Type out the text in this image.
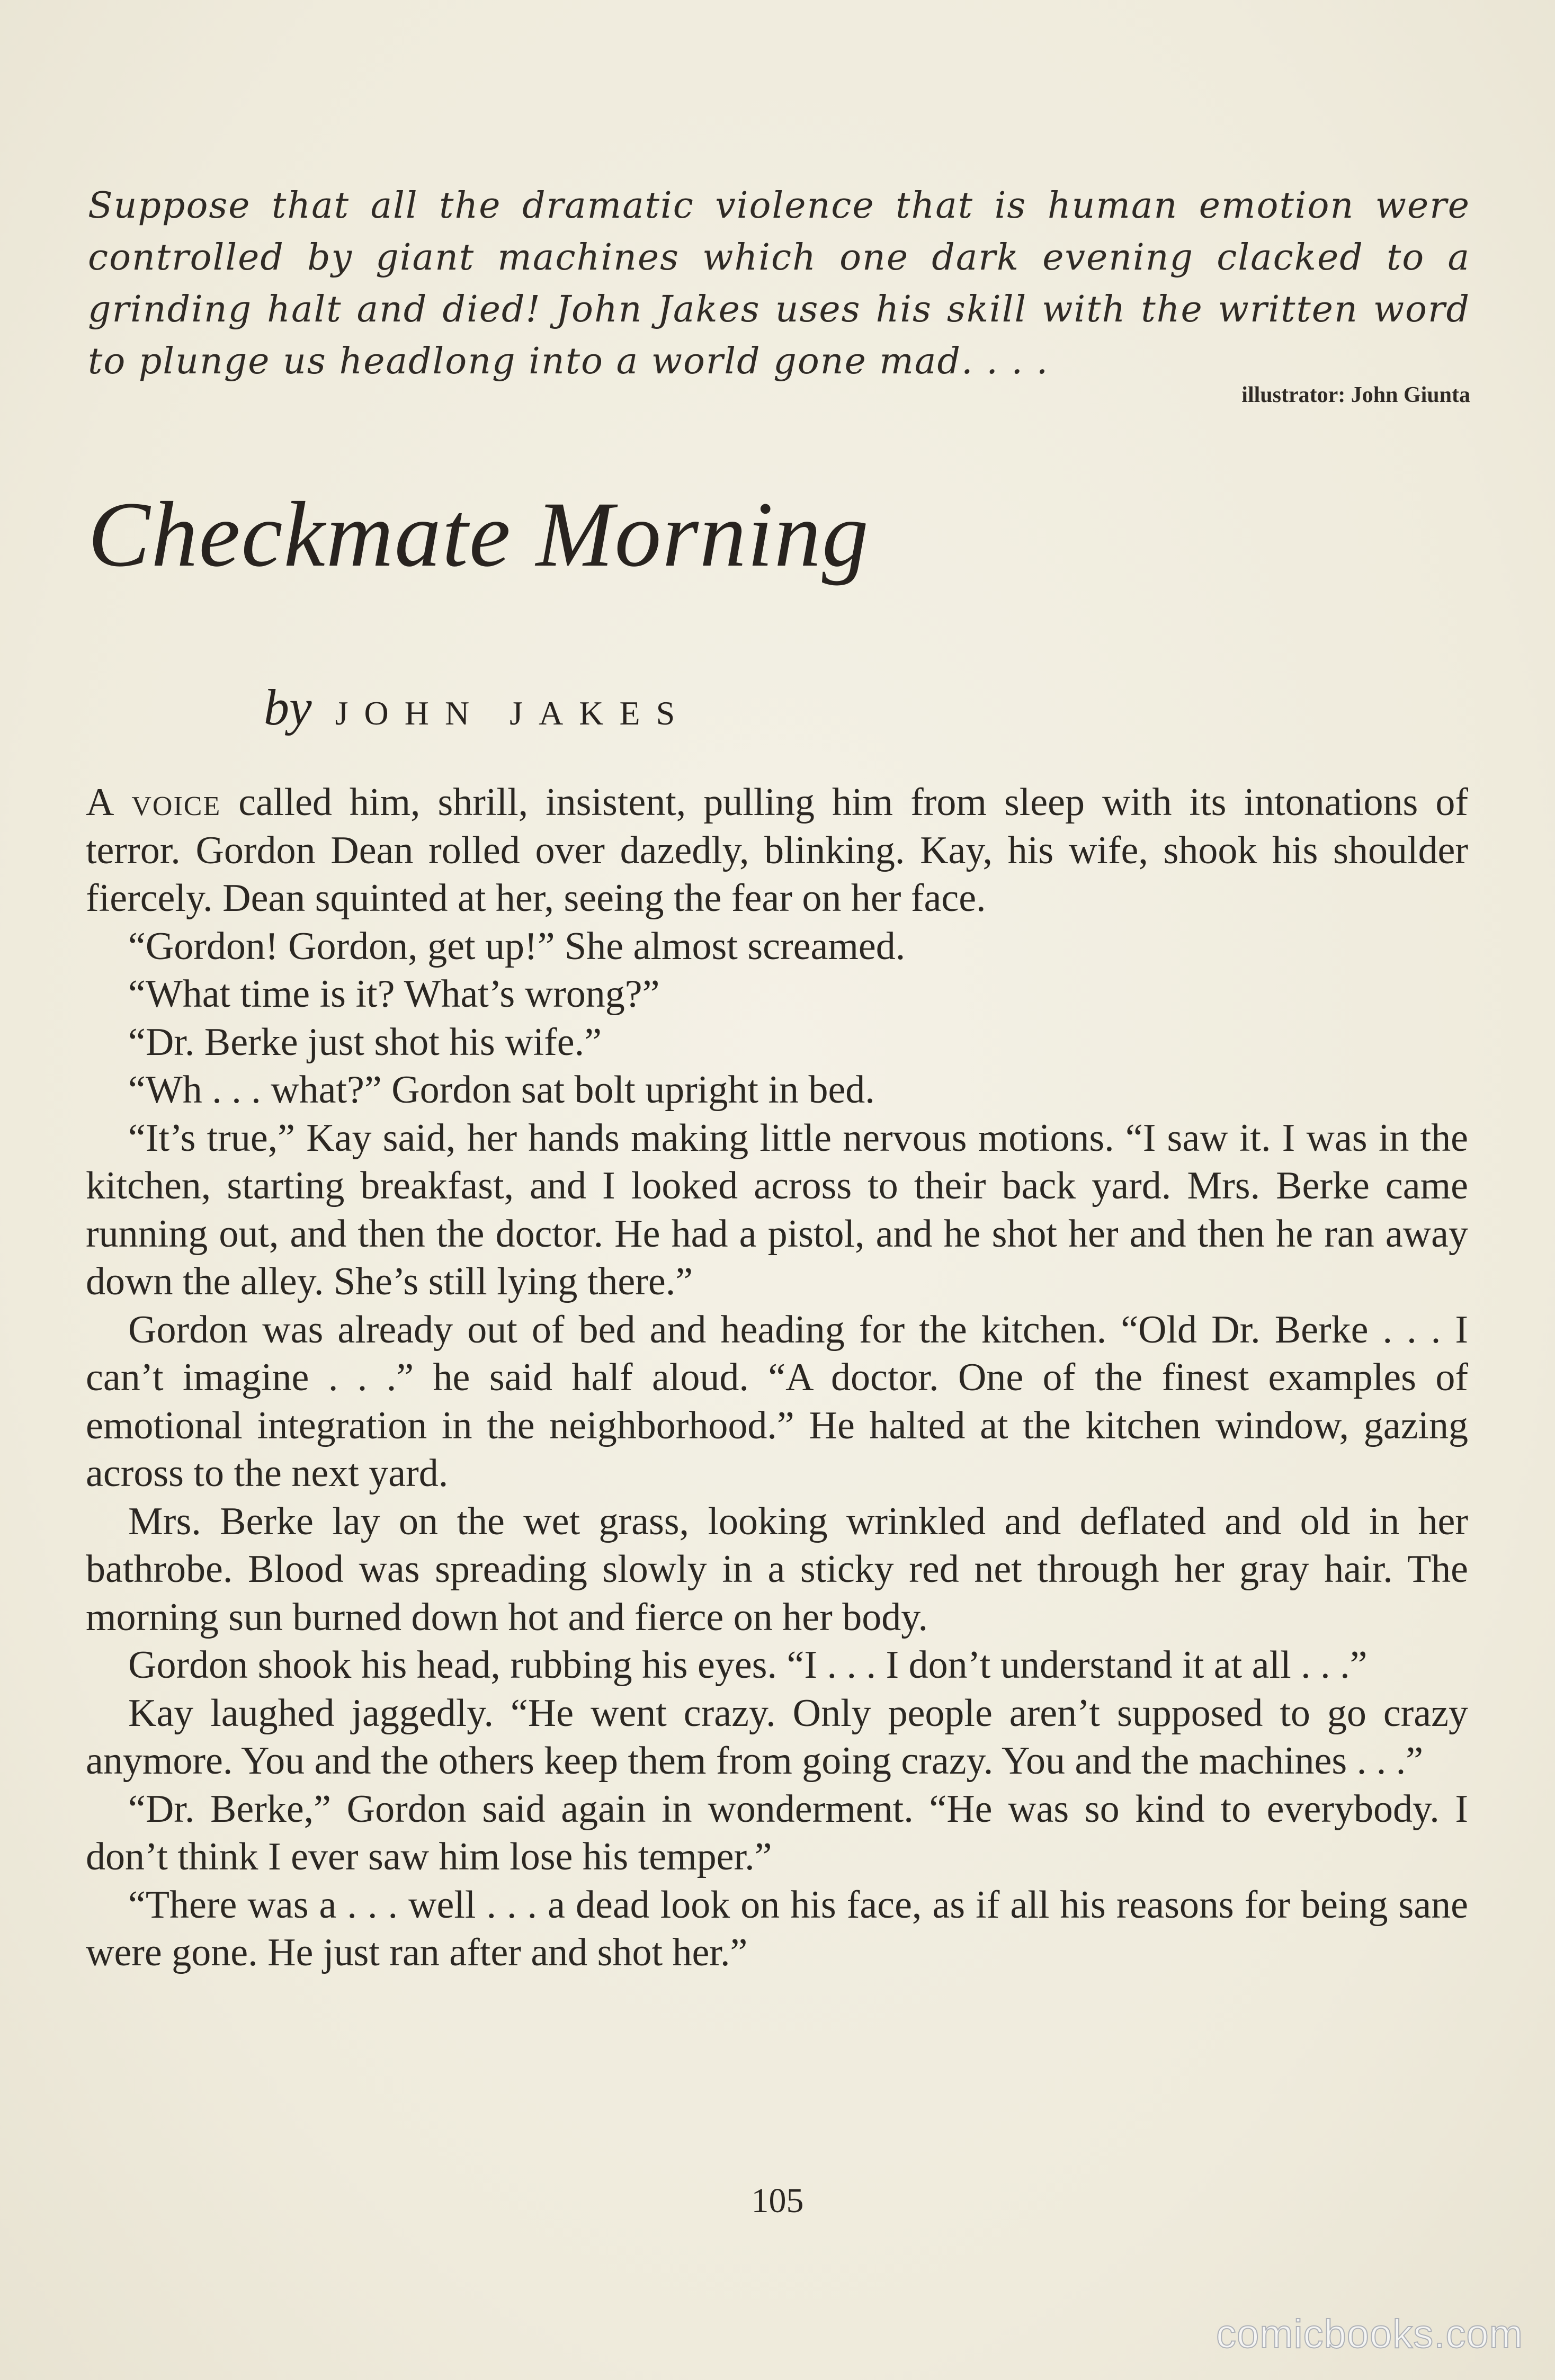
Suppose that all the dramatic violence that is human emotion were controlled by giant machines which one dark evening clacked to a grinding halt and died! John Jakes uses his skill with the written word to plunge us headlong into a world gone mad. . . .
illustrator: John Giunta
Checkmate Morning
by JOHN JAKES

A voice called him, shrill, insistent, pulling him from sleep with its intonations of terror. Gordon Dean rolled over dazedly, blinking. Kay, his wife, shook his shoulder fiercely. Dean squinted at her, seeing the fear on her face.

“Gordon! Gordon, get up!” She almost screamed.

“What time is it? What’s wrong?”

“Dr. Berke just shot his wife.”

“Wh . . . what?” Gordon sat bolt upright in bed.

“It’s true,” Kay said, her hands making little nervous motions. “I saw it. I was in the kitchen, starting breakfast, and I looked across to their back yard. Mrs. Berke came running out, and then the doctor. He had a pistol, and he shot her and then he ran away down the alley. She’s still lying there.”

Gordon was already out of bed and heading for the kitchen. “Old Dr. Berke . . . I can’t imagine . . .” he said half aloud. “A doctor. One of the finest examples of emotional integration in the neighborhood.” He halted at the kitchen window, gazing across to the next yard.

Mrs. Berke lay on the wet grass, looking wrinkled and deflated and old in her bathrobe. Blood was spreading slowly in a sticky red net through her gray hair. The morning sun burned down hot and fierce on her body.

Gordon shook his head, rubbing his eyes. “I . . . I don’t understand it at all . . .”

Kay laughed jaggedly. “He went crazy. Only people aren’t supposed to go crazy anymore. You and the others keep them from going crazy. You and the machines . . .”

“Dr. Berke,” Gordon said again in wonderment. “He was so kind to everybody. I don’t think I ever saw him lose his temper.”

“There was a . . . well . . . a dead look on his face, as if all his reasons for being sane were gone. He just ran after and shot her.”

105
comicbooks.com
